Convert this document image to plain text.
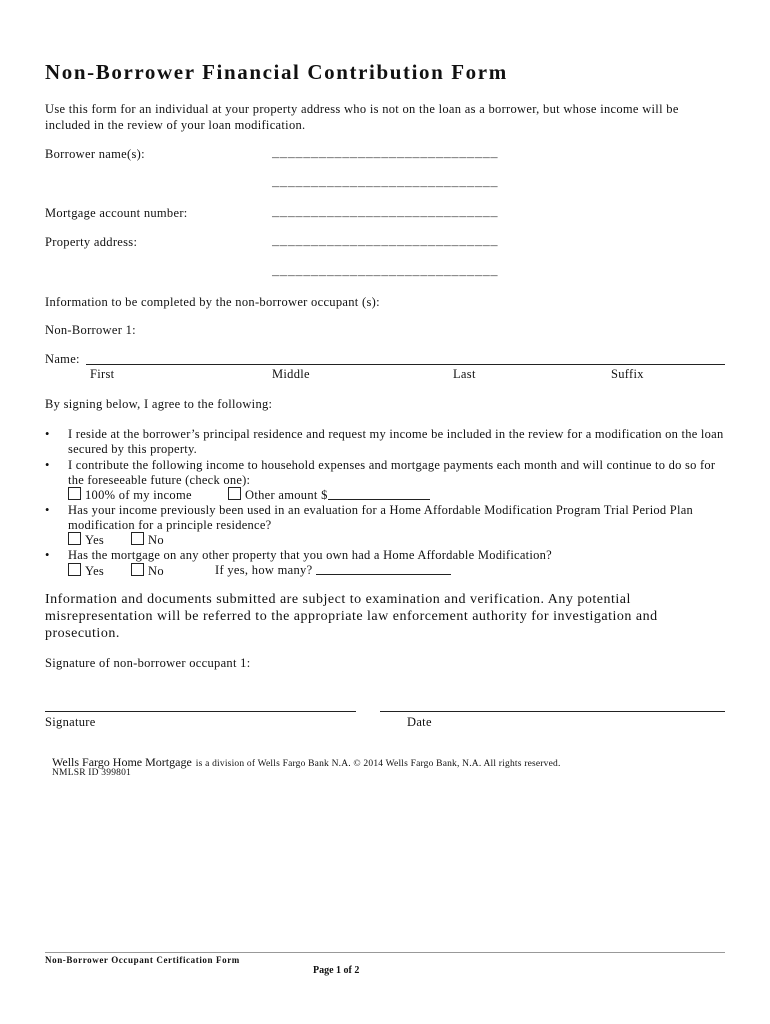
Non-Borrower Financial Contribution Form
Use this form for an individual at your property address who is not on the loan as a borrower, but whose income will be included in the review of your loan modification.
Borrower name(s):	_____________________________
_____________________________
Mortgage account number:	_____________________________
Property address:	_____________________________
_____________________________
Information to be completed by the non-borrower occupant (s):
Non-Borrower 1:
Name:
First	Middle	Last	Suffix
By signing below, I agree to the following:
• I reside at the borrower’s principal residence and request my income be included in the review for a modification on the loan secured by this property.
• I contribute the following income to household expenses and mortgage payments each month and will continue to do so for the foreseeable future (check one):
100% of my income	Other amount $
• Has your income previously been used in an evaluation for a Home Affordable Modification Program Trial Period Plan modification for a principle residence?
Yes	No
• Has the mortgage on any other property that you own had a Home Affordable Modification?
Yes	No	If yes, how many?
Information and documents submitted are subject to examination and verification. Any potential misrepresentation will be referred to the appropriate law enforcement authority for investigation and prosecution.
Signature of non-borrower occupant 1:
Signature	Date
Wells Fargo Home Mortgage is a division of Wells Fargo Bank N.A. © 2014 Wells Fargo Bank, N.A. All rights reserved.
NMLSR ID 399801
Non-Borrower Occupant Certification Form
Page 1 of 2
